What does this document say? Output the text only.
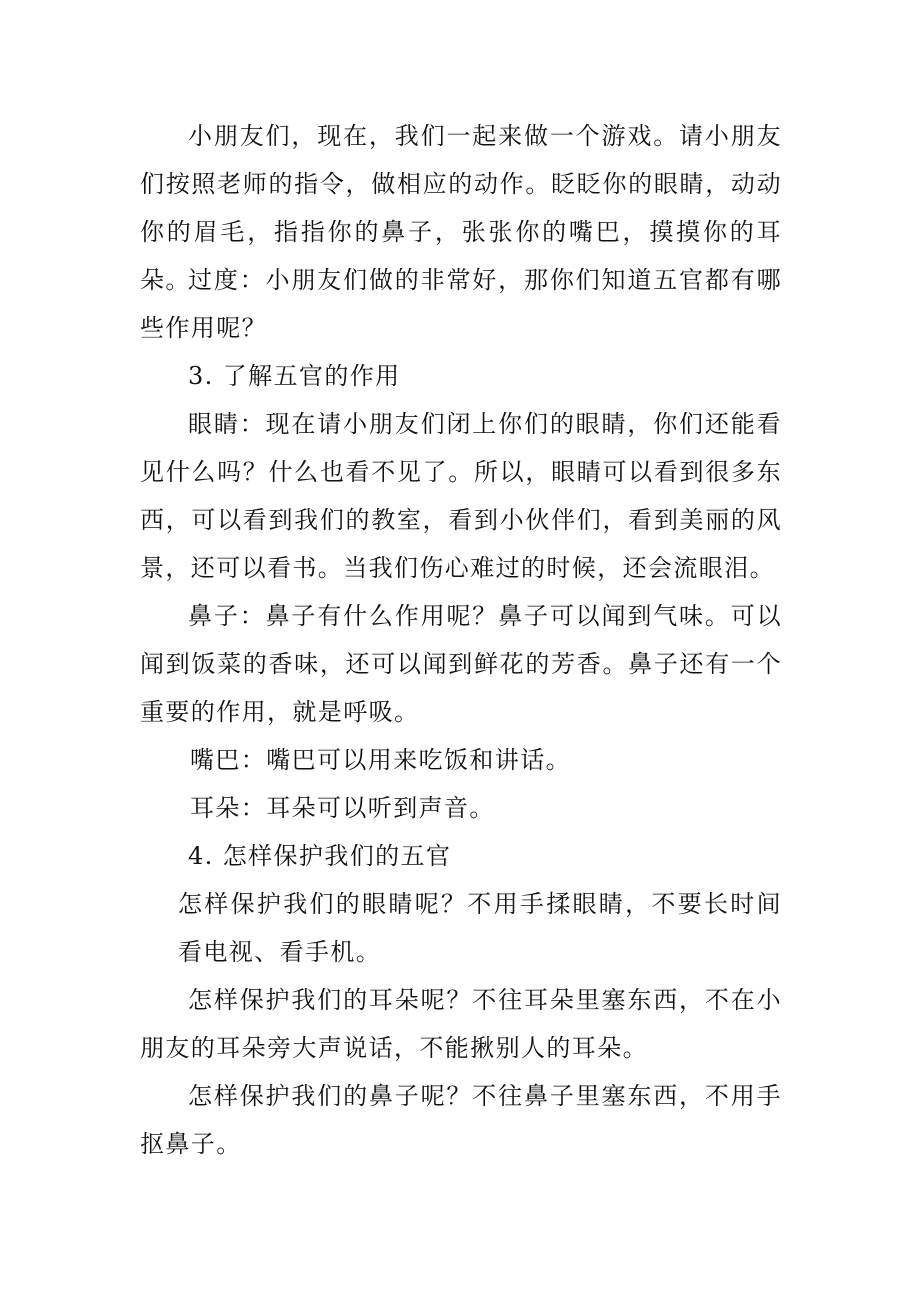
小朋友们，现在，我们一起来做一个游戏。请小朋友们按照老师的指令，做相应的动作。眨眨你的眼睛，动动你的眉毛，指指你的鼻子，张张你的嘴巴，摸摸你的耳朵。

过度：小朋友们做的非常好，那你们知道五官都有哪些作用呢？

3. 了解五官的作用

眼睛：现在请小朋友们闭上你们的眼睛，你们还能看见什么吗？什么也看不见了。所以，眼睛可以看到很多东西，可以看到我们的教室，看到小伙伴们，看到美丽的风景，还可以看书。当我们伤心难过的时候，还会流眼泪。

鼻子：鼻子有什么作用呢？鼻子可以闻到气味。可以闻到饭菜的香味，还可以闻到鲜花的芳香。鼻子还有一个重要的作用，就是呼吸。

嘴巴：嘴巴可以用来吃饭和讲话。

耳朵：耳朵可以听到声音。

4. 怎样保护我们的五官

怎样保护我们的眼睛呢？不用手揉眼睛，不要长时间看电视、看手机。

怎样保护我们的耳朵呢？不往耳朵里塞东西，不在小朋友的耳朵旁大声说话，不能揪别人的耳朵。

怎样保护我们的鼻子呢？不往鼻子里塞东西，不用手抠鼻子。
